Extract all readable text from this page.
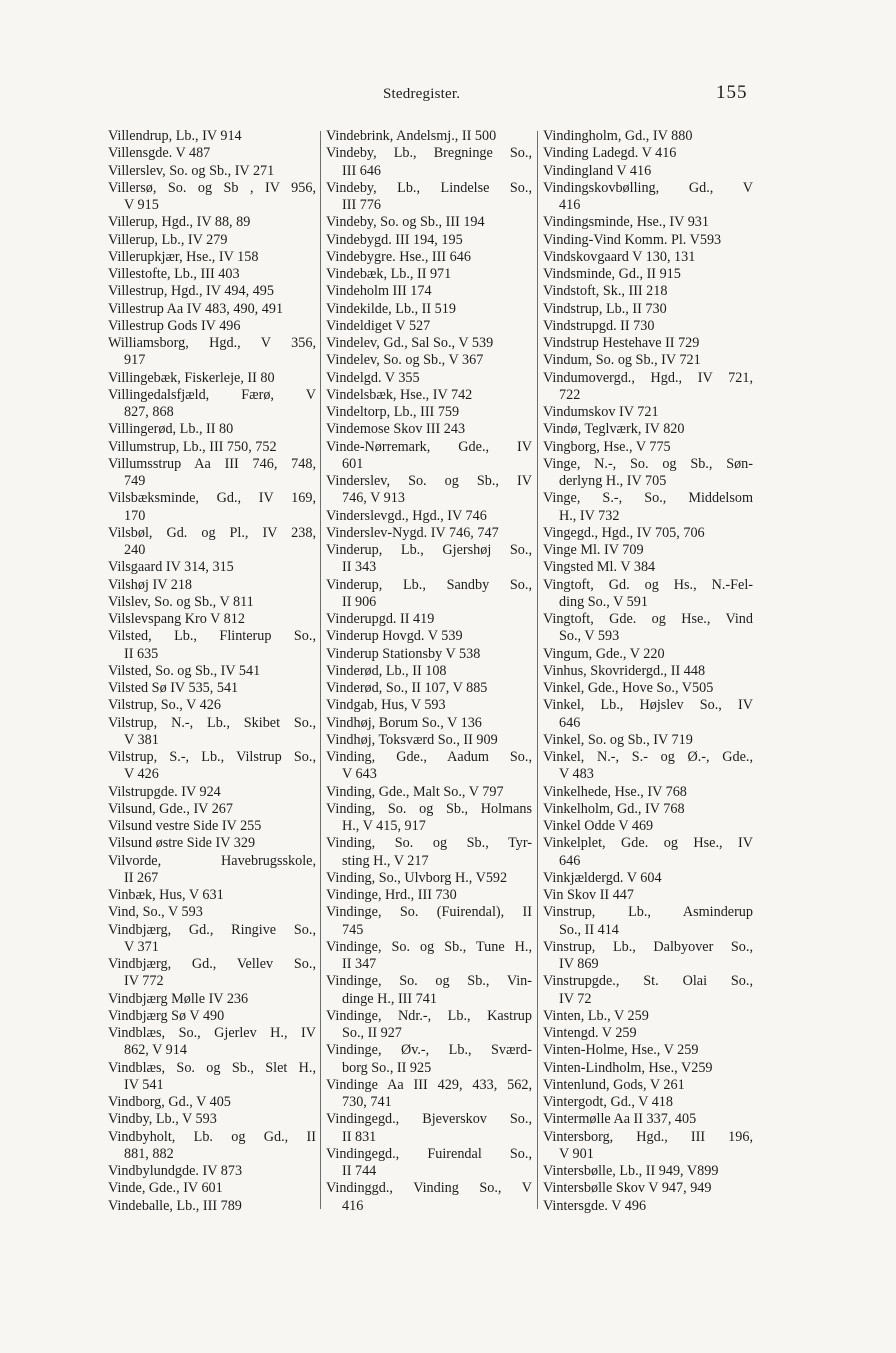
Stedregister.	155
Villendrup, Lb., IV 914
Villensgde. V 487
Villerslev, So. og Sb., IV 271
Villersø, So. og Sb , IV 956,
V 915
Villerup, Hgd., IV 88, 89
Villerup, Lb., IV 279
Villerupkjær, Hse., IV 158
Villestofte, Lb., III 403
Villestrup, Hgd., IV 494, 495
Villestrup Aa IV 483, 490, 491
Villestrup Gods IV 496
Williamsborg, Hgd., V 356,
917
Villingebæk, Fiskerleje, II 80
Villingedalsfjæld, Færø, V
827, 868
Villingerød, Lb., II 80
Villumstrup, Lb., III 750, 752
Villumsstrup Aa III 746, 748,
749
Vilsbæksminde, Gd., IV 169,
170
Vilsbøl, Gd. og Pl., IV 238,
240
Vilsgaard IV 314, 315
Vilshøj IV 218
Vilslev, So. og Sb., V 811
Vilslevspang Kro V 812
Vilsted, Lb., Flinterup So.,
II 635
Vilsted, So. og Sb., IV 541
Vilsted Sø IV 535, 541
Vilstrup, So., V 426
Vilstrup, N.-, Lb., Skibet So.,
V 381
Vilstrup, S.-, Lb., Vilstrup So.,
V 426
Vilstrupgde. IV 924
Vilsund, Gde., IV 267
Vilsund vestre Side IV 255
Vilsund østre Side IV 329
Vilvorde, Havebrugsskole,
II 267
Vinbæk, Hus, V 631
Vind, So., V 593
Vindbjærg, Gd., Ringive So.,
V 371
Vindbjærg, Gd., Vellev So.,
IV 772
Vindbjærg Mølle IV 236
Vindbjærg Sø V 490
Vindblæs, So., Gjerlev H., IV
862, V 914
Vindblæs, So. og Sb., Slet H.,
IV 541
Vindborg, Gd., V 405
Vindby, Lb., V 593
Vindbyholt, Lb. og Gd., II
881, 882
Vindbylundgde. IV 873
Vinde, Gde., IV 601
Vindeballe, Lb., III 789
Vindebrink, Andelsmj., II 500
Vindeby, Lb., Bregninge So.,
III 646
Vindeby, Lb., Lindelse So.,
III 776
Vindeby, So. og Sb., III 194
Vindebygd. III 194, 195
Vindebygre. Hse., III 646
Vindebæk, Lb., II 971
Vindeholm III 174
Vindekilde, Lb., II 519
Vindeldiget V 527
Vindelev, Gd., Sal So., V 539
Vindelev, So. og Sb., V 367
Vindelgd. V 355
Vindelsbæk, Hse., IV 742
Vindeltorp, Lb., III 759
Vindemose Skov III 243
Vinde-Nørremark, Gde., IV
601
Vinderslev, So. og Sb., IV
746, V 913
Vinderslevgd., Hgd., IV 746
Vinderslev-Nygd. IV 746, 747
Vinderup, Lb., Gjershøj So.,
II 343
Vinderup, Lb., Sandby So.,
II 906
Vinderupgd. II 419
Vinderup Hovgd. V 539
Vinderup Stationsby V 538
Vinderød, Lb., II 108
Vinderød, So., II 107, V 885
Vindgab, Hus, V 593
Vindhøj, Borum So., V 136
Vindhøj, Toksværd So., II 909
Vinding, Gde., Aadum So.,
V 643
Vinding, Gde., Malt So., V 797
Vinding, So. og Sb., Holmans
H., V 415, 917
Vinding, So. og Sb., Tyr-
sting H., V 217
Vinding, So., Ulvborg H., V592
Vindinge, Hrd., III 730
Vindinge, So. (Fuirendal), II
745
Vindinge, So. og Sb., Tune H.,
II 347
Vindinge, So. og Sb., Vin-
dinge H., III 741
Vindinge, Ndr.-, Lb., Kastrup
So., II 927
Vindinge, Øv.-, Lb., Sværd-
borg So., II 925
Vindinge Aa III 429, 433, 562,
730, 741
Vindingegd., Bjeverskov So.,
II 831
Vindingegd., Fuirendal So.,
II 744
Vindinggd., Vinding So., V
416
Vindingholm, Gd., IV 880
Vinding Ladegd. V 416
Vindingland V 416
Vindingskovbølling, Gd., V
416
Vindingsminde, Hse., IV 931
Vinding-Vind Komm. Pl. V593
Vindskovgaard V 130, 131
Vindsminde, Gd., II 915
Vindstoft, Sk., III 218
Vindstrup, Lb., II 730
Vindstrupgd. II 730
Vindstrup Hestehave II 729
Vindum, So. og Sb., IV 721
Vindumovergd., Hgd., IV 721,
722
Vindumskov IV 721
Vindø, Teglværk, IV 820
Vingborg, Hse., V 775
Vinge, N.-, So. og Sb., Søn-
derlyng H., IV 705
Vinge, S.-, So., Middelsom
H., IV 732
Vingegd., Hgd., IV 705, 706
Vinge Ml. IV 709
Vingsted Ml. V 384
Vingtoft, Gd. og Hs., N.-Fel-
ding So., V 591
Vingtoft, Gde. og Hse., Vind
So., V 593
Vingum, Gde., V 220
Vinhus, Skovridergd., II 448
Vinkel, Gde., Hove So., V505
Vinkel, Lb., Højslev So., IV
646
Vinkel, So. og Sb., IV 719
Vinkel, N.-, S.- og Ø.-, Gde.,
V 483
Vinkelhede, Hse., IV 768
Vinkelholm, Gd., IV 768
Vinkel Odde V 469
Vinkelplet, Gde. og Hse., IV
646
Vinkjældergd. V 604
Vin Skov II 447
Vinstrup, Lb., Asminderup
So., II 414
Vinstrup, Lb., Dalbyover So.,
IV 869
Vinstrupgde., St. Olai So.,
IV 72
Vinten, Lb., V 259
Vintengd. V 259
Vinten-Holme, Hse., V 259
Vinten-Lindholm, Hse., V259
Vintenlund, Gods, V 261
Vintergodt, Gd., V 418
Vintermølle Aa II 337, 405
Vintersborg, Hgd., III 196,
V 901
Vintersbølle, Lb., II 949, V899
Vintersbølle Skov V 947, 949
Vintersgde. V 496
